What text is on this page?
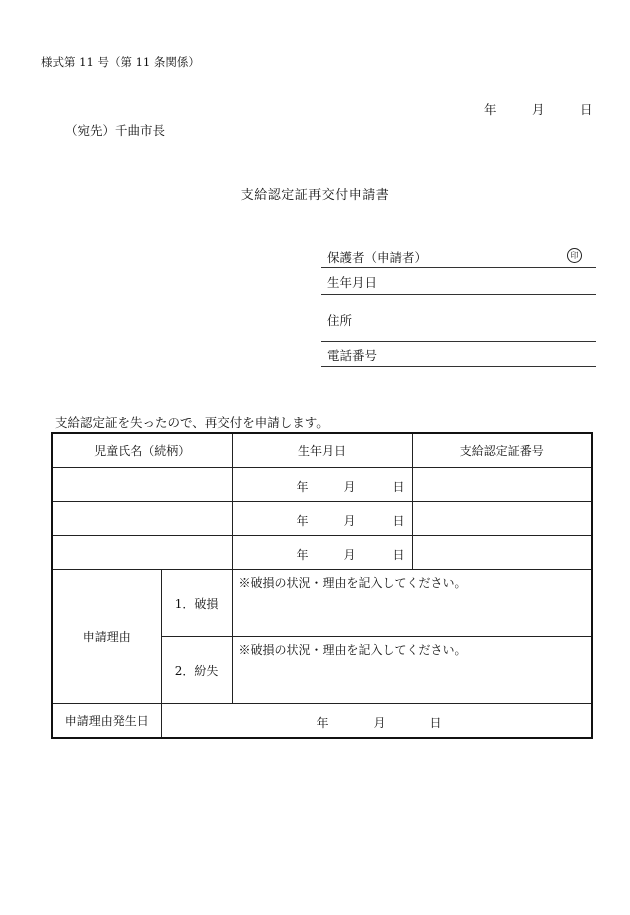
様式第 11 号（第 11 条関係）
年	月	日
（宛先）千曲市長
支給認定証再交付申請書
保護者（申請者）	印
生年月日
住所
電話番号
支給認定証を失ったので、再交付を申請します。
児童氏名（続柄）		生年月日	支給認定証番号

		年 月 日	

		年 月 日	

		年 月 日	

申請理由	1．破損	※破損の状況・理由を記入してください。	
	2．紛失	※破損の状況・理由を記入してください。	
申請理由発生日	年 月 日		
